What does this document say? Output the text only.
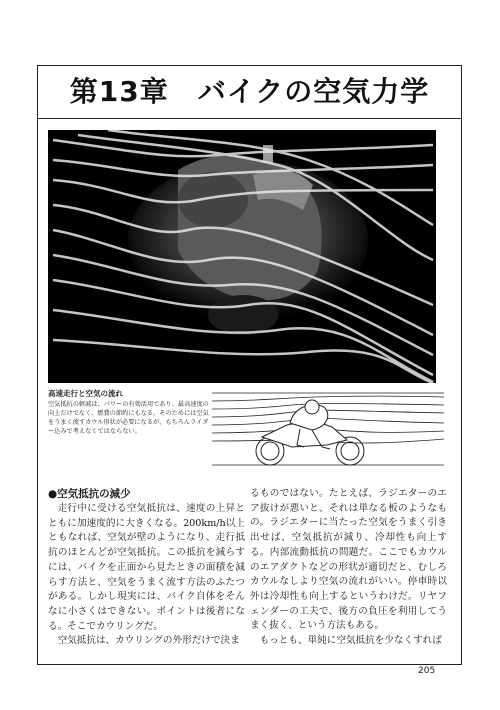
第13章　バイクの空気力学
高速走行と空気の流れ
空気抵抗の軽減は、パワーの有効活用であり、最高速度の向上だけでなく、燃費の節約にもなる。そのためには空気をうまく流すカウル形状が必要になるが、もちろんライダー込みで考えなくてはならない。
●空気抵抗の減少

走行中に受ける空気抵抗は、速度の上昇とともに加速度的に大きくなる。200km/h以上ともなれば、空気が壁のようになり、走行抵抗のほとんどが空気抵抗。この抵抗を減らすには、バイクを正面から見たときの面積を減らす方法と、空気をうまく流す方法のふたつがある。しかし現実には、バイク自体をそんなに小さくはできない。ポイントは後者になる。そこでカウリングだ。

空気抵抗は、カウリングの外形だけで決ま

るものではない。たとえば、ラジエターのエア抜けが悪いと、それは単なる板のようなもの。ラジエターに当たった空気をうまく引き出せば、空気抵抗が減り、冷却性も向上する。内部流動抵抗の問題だ。ここでもカウルのエアダクトなどの形状が適切だと、むしろカウルなしより空気の流れがいい。停車時以外は冷却性も向上するというわけだ。リヤフェンダーの工夫で、後方の負圧を利用してうまく抜く、という方法もある。

もっとも、単純に空気抵抗を少なくすれば

205
